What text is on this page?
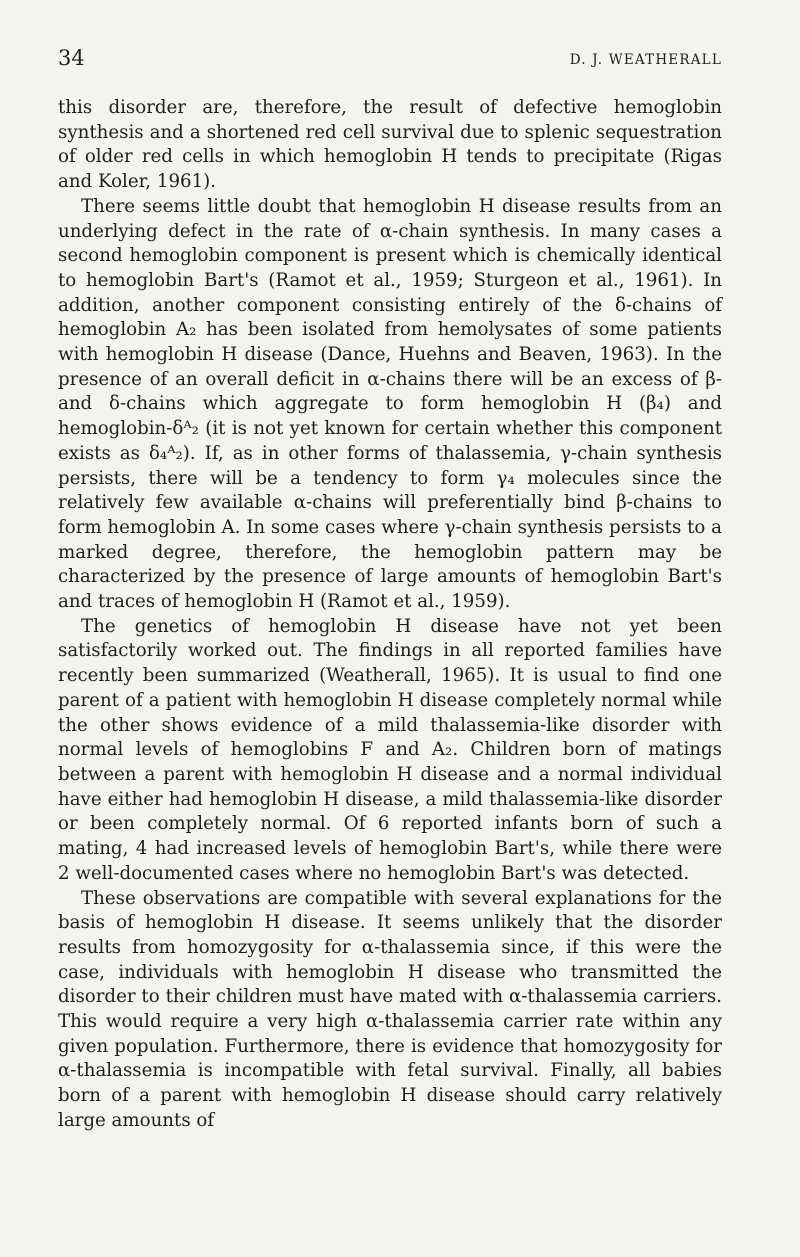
34	D. J. WEATHERALL

this disorder are, therefore, the result of defective hemoglobin synthesis and a shortened red cell survival due to splenic sequestration of older red cells in which hemoglobin H tends to precipitate (Rigas and Koler, 1961).

There seems little doubt that hemoglobin H disease results from an underlying defect in the rate of α-chain synthesis. In many cases a second hemoglobin component is present which is chemically identical to hemoglobin Bart's (Ramot et al., 1959; Sturgeon et al., 1961). In addition, another component consisting entirely of the δ-chains of hemoglobin A₂ has been isolated from hemolysates of some patients with hemoglobin H disease (Dance, Huehns and Beaven, 1963). In the presence of an overall deficit in α-chains there will be an excess of β- and δ-chains which aggregate to form hemoglobin H (β₄) and hemoglobin-δᴬ₂ (it is not yet known for certain whether this component exists as δ₄ᴬ₂). If, as in other forms of thalassemia, γ-chain synthesis persists, there will be a tendency to form γ₄ molecules since the relatively few available α-chains will preferentially bind β-chains to form hemoglobin A. In some cases where γ-chain synthesis persists to a marked degree, therefore, the hemoglobin pattern may be characterized by the presence of large amounts of hemoglobin Bart's and traces of hemoglobin H (Ramot et al., 1959).

The genetics of hemoglobin H disease have not yet been satisfactorily worked out. The findings in all reported families have recently been summarized (Weatherall, 1965). It is usual to find one parent of a patient with hemoglobin H disease completely normal while the other shows evidence of a mild thalassemia-like disorder with normal levels of hemoglobins F and A₂. Children born of matings between a parent with hemoglobin H disease and a normal individual have either had hemoglobin H disease, a mild thalassemia-like disorder or been completely normal. Of 6 reported infants born of such a mating, 4 had increased levels of hemoglobin Bart's, while there were 2 well-documented cases where no hemoglobin Bart's was detected.

These observations are compatible with several explanations for the basis of hemoglobin H disease. It seems unlikely that the disorder results from homozygosity for α-thalassemia since, if this were the case, individuals with hemoglobin H disease who transmitted the disorder to their children must have mated with α-thalassemia carriers. This would require a very high α-thalassemia carrier rate within any given population. Furthermore, there is evidence that homozygosity for α-thalassemia is incompatible with fetal survival. Finally, all babies born of a parent with hemoglobin H disease should carry relatively large amounts of
